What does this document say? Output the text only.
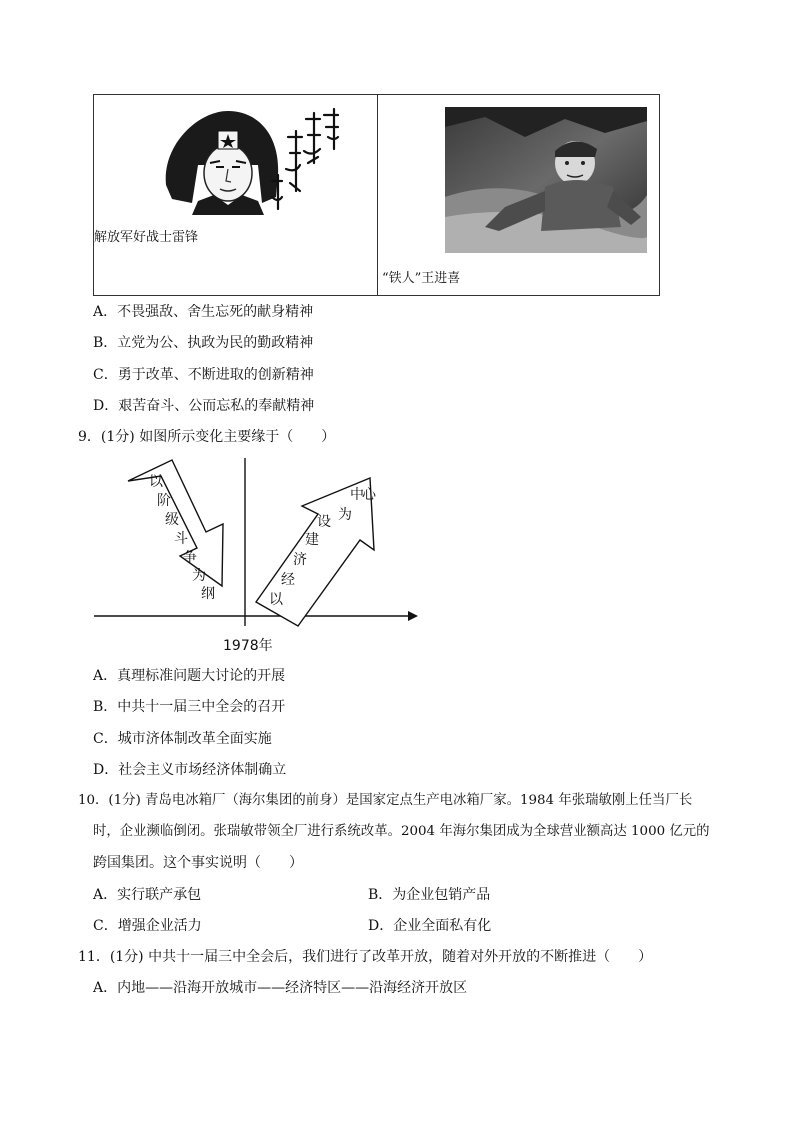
解放军好战士雷锋
“铁人”王进喜
A．不畏强敌、舍生忘死的献身精神
B．立党为公、执政为民的勤政精神
C．勇于改革、不断进取的创新精神
D．艰苦奋斗、公而忘私的奉献精神
9．(1分) 如图所示变化主要缘于（　　）
以
阶
级
斗
争
为
纲	以
经
济
建
设 为
中
心
1978年
A．真理标准问题大讨论的开展
B．中共十一届三中全会的召开
C．城市济体制改革全面实施
D．社会主义市场经济体制确立
10．(1分) 青岛电冰箱厂（海尔集团的前身）是国家定点生产电冰箱厂家。1984 年张瑞敏刚上任当厂长
时，企业濒临倒闭。张瑞敏带领全厂进行系统改革。2004 年海尔集团成为全球营业额高达 1000 亿元的
跨国集团。这个事实说明（　　）
A．实行联产承包	B．为企业包销产品
C．增强企业活力	D．企业全面私有化
11．(1分) 中共十一届三中全会后，我们进行了改革开放，随着对外开放的不断推进（　　）
A．内地——沿海开放城市——经济特区——沿海经济开放区
